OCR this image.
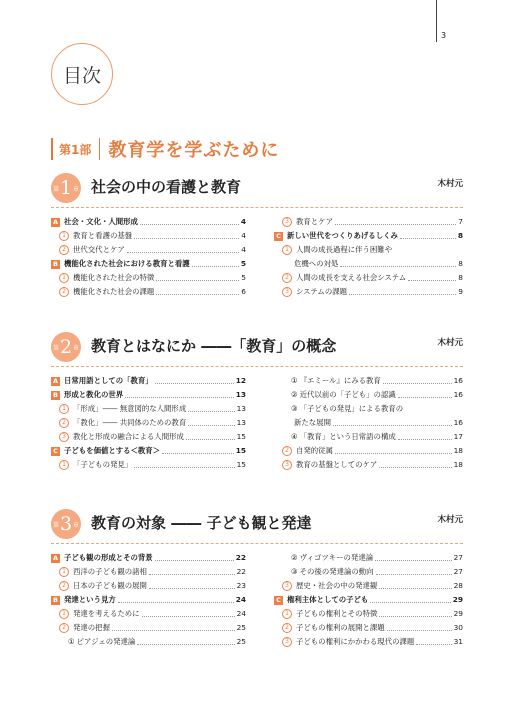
3
目次
第1部 教育学を学ぶために
第 1 章 社会の中の看護と教育	木村元
A 社会・文化・人間形成	4
1 教育と看護の基盤	4
2 世代交代とケア	4
B 機能化された社会における教育と看護	5
1 機能化された社会の特徴	5
2 機能化された社会の課題	6
3 教育とケア	7
C 新しい世代をつくりあげるしくみ	8
1 人間の成長過程に伴う困難や
危機への対処	8
2 人間の成長を支える社会システム	8
3 システムの課題	9
第 2 章 教育とはなにか ――「教育」の概念	木村元
A 日常用語としての「教育」	12
B 形成と教化の世界	13
1 「形成」―― 無意図的な人間形成	13
2 「教化」―― 共同体のための教育	13
3 教化と形成の融合による人間形成	15
C 子どもを価値とする＜教育＞	15
1 「子どもの発見」	15
① 『エミール』にみる教育	16
② 近代以前の「子ども」の認識	16
③ 「子どもの発見」による教育の
新たな展開	16
④ 「教育」という日常語の構成	17
2 自発的従属	18
3 教育の基盤としてのケア	18
第 3 章 教育の対象 ―― 子ども観と発達	木村元
A 子ども観の形成とその背景	22
1 西洋の子ども観の諸相	22
2 日本の子ども観の展開	23
B 発達という見方	24
1 発達を考えるために	24
2 発達の把握	25
① ピアジェの発達論	25
② ヴィゴツキーの発達論	27
③ その後の発達論の動向	27
3 歴史・社会の中の発達観	28
C 権利主体としての子ども	29
1 子どもの権利とその特徴	29
2 子どもの権利の展開と課題	30
3 子どもの権利にかかわる現代の課題	31
